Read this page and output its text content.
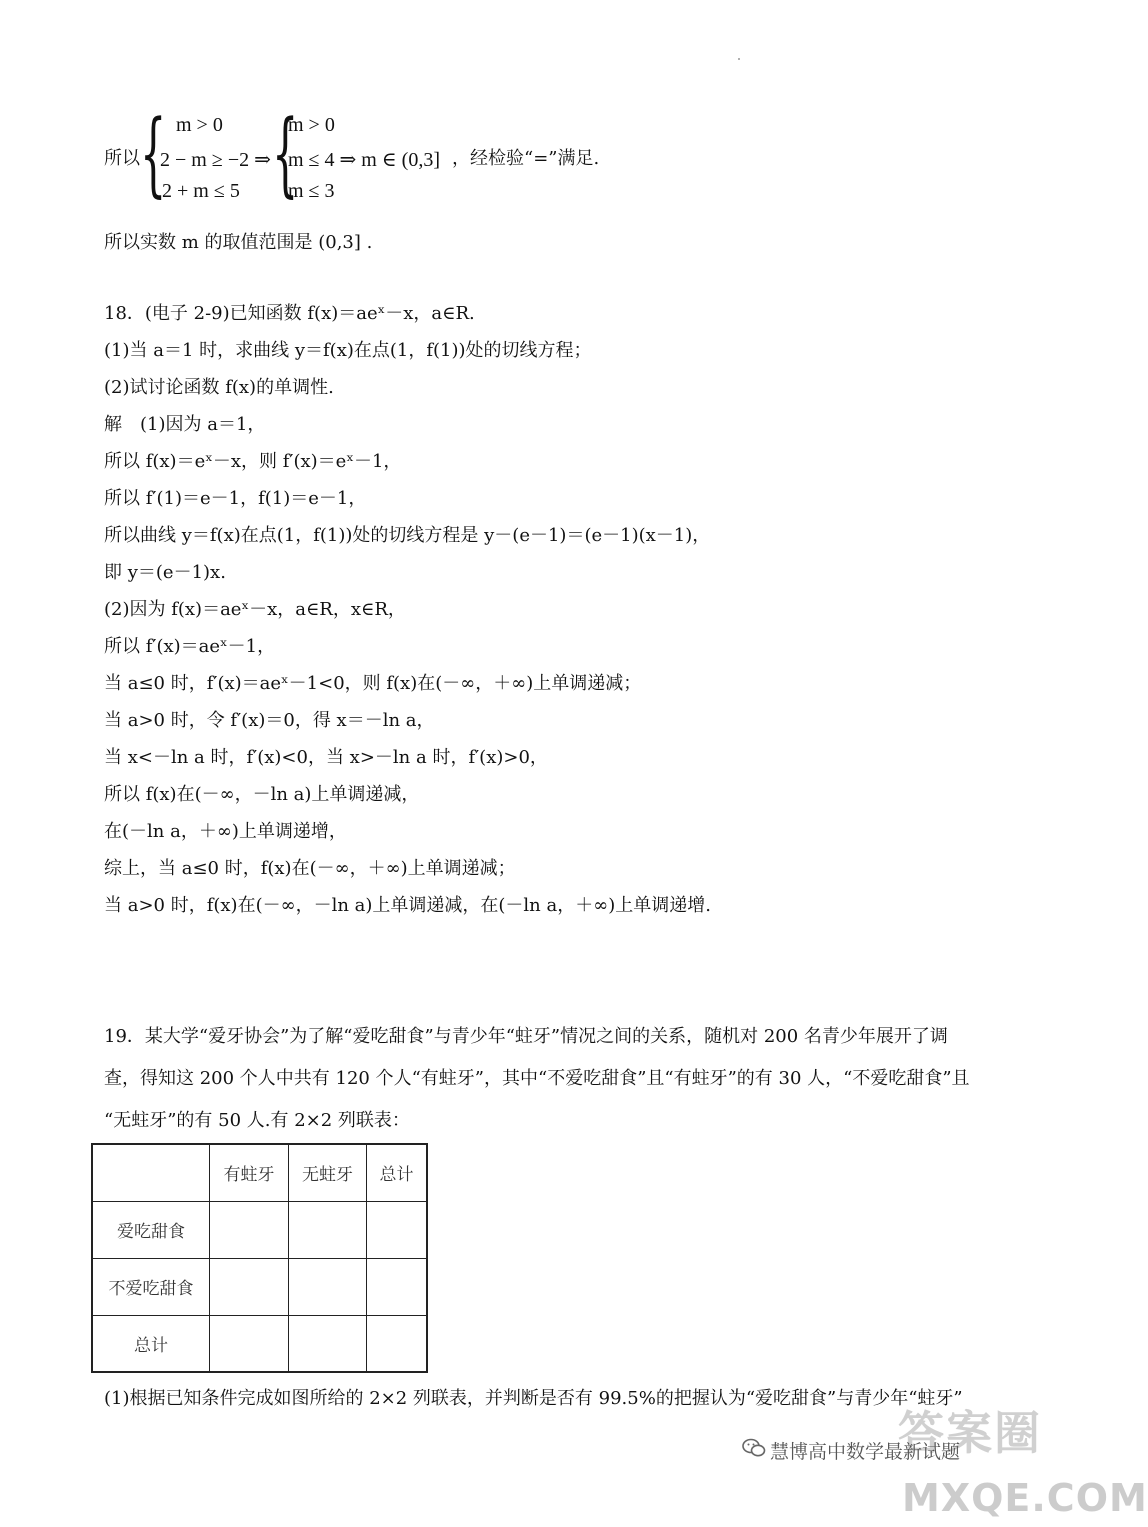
所以 { m > 0
2 − m ≥ −2 ⇒
2 + m ≤ 5 {
m > 0
m ≤ 4 ⇒ m ∈ (0,3]
m ≤ 3
，经检验“=”满足.
所以实数 m 的取值范围是 (0,3] .
18．(电子 2-9)已知函数 f(x)＝aeˣ－x，a∈R.
(1)当 a＝1 时，求曲线 y＝f(x)在点(1，f(1))处的切线方程；
(2)试讨论函数 f(x)的单调性.
解　(1)因为 a＝1，
所以 f(x)＝eˣ－x，则 f′(x)＝eˣ－1，
所以 f′(1)＝e－1，f(1)＝e－1，
所以曲线 y＝f(x)在点(1，f(1))处的切线方程是 y－(e－1)＝(e－1)(x－1)，
即 y＝(e－1)x.
(2)因为 f(x)＝aeˣ－x，a∈R，x∈R，
所以 f′(x)＝aeˣ－1，
当 a≤0 时，f′(x)＝aeˣ－1<0，则 f(x)在(－∞，＋∞)上单调递减；
当 a>0 时，令 f′(x)＝0，得 x＝－ln a，
当 x<－ln a 时，f′(x)<0，当 x>－ln a 时，f′(x)>0，
所以 f(x)在(－∞，－ln a)上单调递减，
在(－ln a，＋∞)上单调递增，
综上，当 a≤0 时，f(x)在(－∞，＋∞)上单调递减；
当 a>0 时，f(x)在(－∞，－ln a)上单调递减，在(－ln a，＋∞)上单调递增.
19．某大学“爱牙协会”为了解“爱吃甜食”与青少年“蛀牙”情况之间的关系，随机对 200 名青少年展开了调
查，得知这 200 个人中共有 120 个人“有蛀牙”，其中“不爱吃甜食”且“有蛀牙”的有 30 人，“不爱吃甜食”且
“无蛀牙”的有 50 人.有 2×2 列联表：
	有蛀牙	无蛀牙	总计
爱吃甜食			
不爱吃甜食			
总计			
(1)根据已知条件完成如图所给的 2×2 列联表，并判断是否有 99.5%的把握认为“爱吃甜食”与青少年“蛀牙”
答案圈
慧博高中数学最新试题
MXQE.COM
